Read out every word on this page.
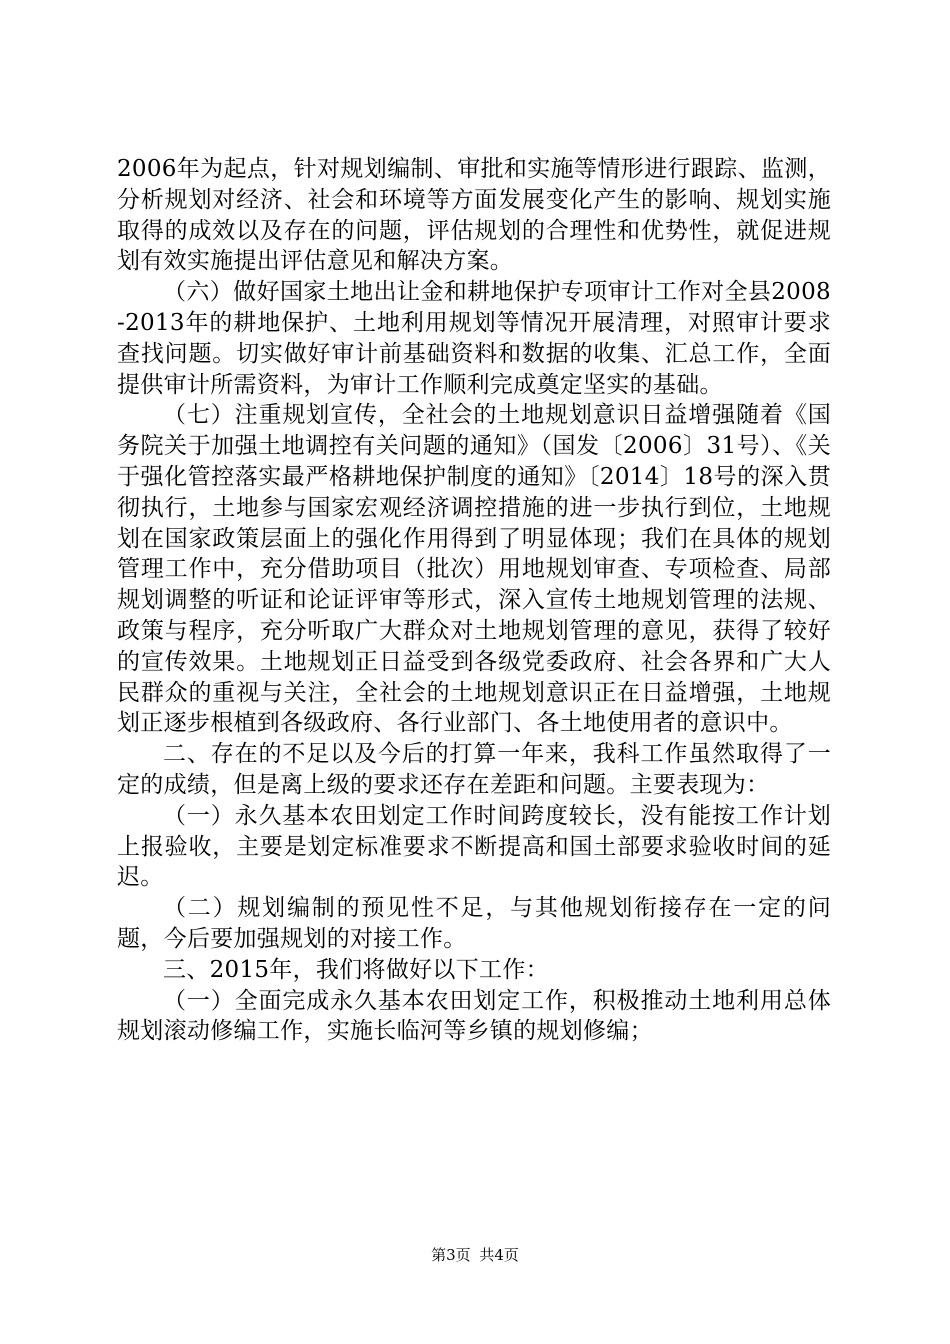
2006年为起点，针对规划编制、审批和实施等情形进行跟踪、监测，分析规划对经济、社会和环境等方面发展变化产生的影响、规划实施取得的成效以及存在的问题，评估规划的合理性和优势性，就促进规划有效实施提出评估意见和解决方案。

（六）做好国家土地出让金和耕地保护专项审计工作对全县2008-2013年的耕地保护、土地利用规划等情况开展清理，对照审计要求查找问题。切实做好审计前基础资料和数据的收集、汇总工作，全面提供审计所需资料，为审计工作顺利完成奠定坚实的基础。

（七）注重规划宣传，全社会的土地规划意识日益增强随着《国务院关于加强土地调控有关问题的通知》（国发〔2006〕31号）、《关于强化管控落实最严格耕地保护制度的通知》〔2014〕18号的深入贯彻执行，土地参与国家宏观经济调控措施的进一步执行到位，土地规划在国家政策层面上的强化作用得到了明显体现；我们在具体的规划管理工作中，充分借助项目（批次）用地规划审查、专项检查、局部规划调整的听证和论证评审等形式，深入宣传土地规划管理的法规、政策与程序，充分听取广大群众对土地规划管理的意见，获得了较好的宣传效果。土地规划正日益受到各级党委政府、社会各界和广大人民群众的重视与关注，全社会的土地规划意识正在日益增强，土地规划正逐步根植到各级政府、各行业部门、各土地使用者的意识中。

二、存在的不足以及今后的打算一年来，我科工作虽然取得了一定的成绩，但是离上级的要求还存在差距和问题。主要表现为：

（一）永久基本农田划定工作时间跨度较长，没有能按工作计划上报验收，主要是划定标准要求不断提高和国土部要求验收时间的延迟。

（二）规划编制的预见性不足，与其他规划衔接存在一定的问题，今后要加强规划的对接工作。

三、2015年，我们将做好以下工作：

（一）全面完成永久基本农田划定工作，积极推动土地利用总体规划滚动修编工作，实施长临河等乡镇的规划修编；

第3页 共4页
